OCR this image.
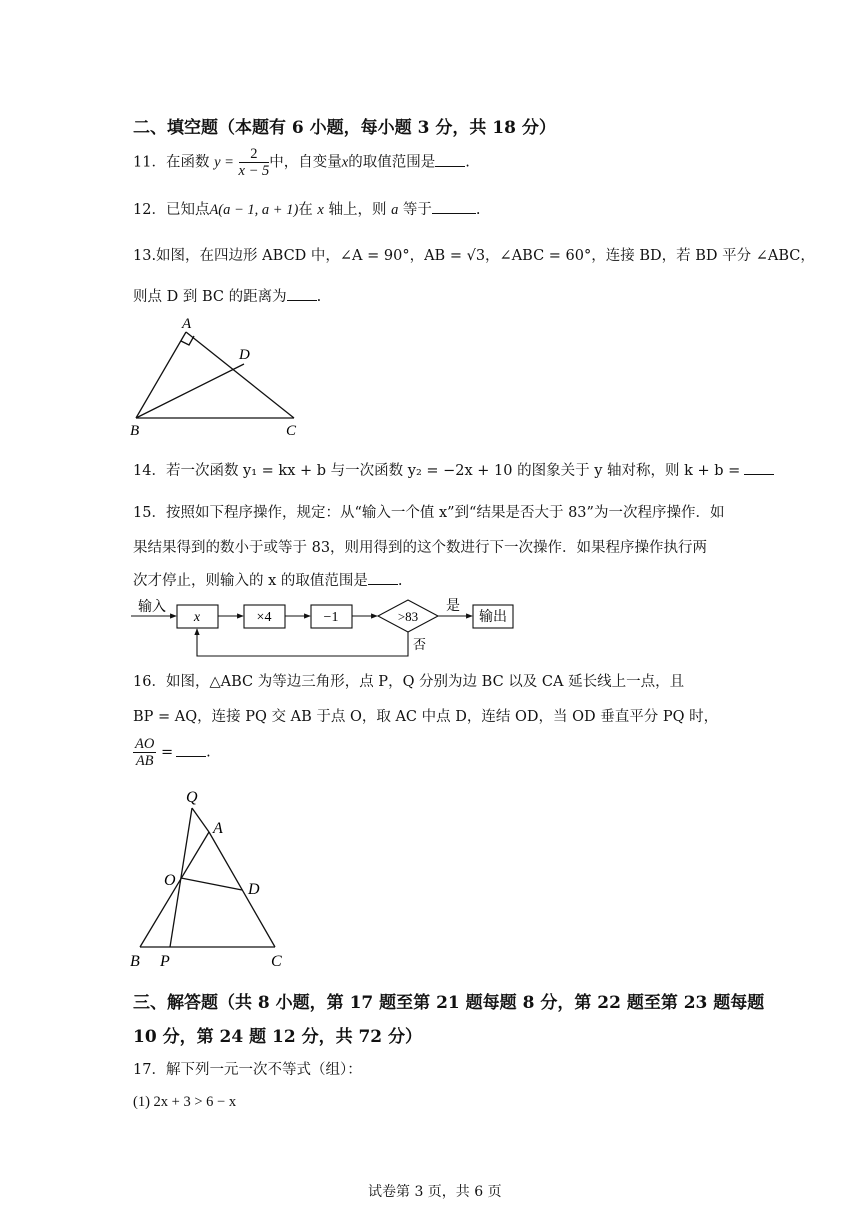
二、填空题（本题有 6 小题，每小题 3 分，共 18 分）
11．在函数 $y = \frac{2}{x - 5}$ 中，自变量x的取值范围是 .
12．已知点A(a − 1, a + 1)在 x 轴上，则 a 等于	.
13.如图，在四边形 ABCD 中，∠A = 90°，AB = √3，∠ABC = 60°，连接 BD，若 BD 平分 ∠ABC，
则点 D 到 BC 的距离为 .
A
D
B	C
14．若一次函数 y₁ = kx + b 与一次函数 y₂ = −2x + 10 的图象关于 y 轴对称，则 k + b =
15．按照如下程序操作，规定：从“输入一个值 x”到“结果是否大于 83”为一次程序操作．如
果结果得到的数小于或等于 83，则用得到的这个数进行下一次操作．如果程序操作执行两
次才停止，则输入的 x 的取值范围是 .
输入
x	×4	−1	>83
是
输出
否
16．如图，△ABC 为等边三角形，点 P，Q 分别为边 BC 以及 CA 延长线上一点，且
BP = AQ，连接 PQ 交 AB 于点 O，取 AC 中点 D，连结 OD，当 OD 垂直平分 PQ 时，
$\frac{AO}{AB}$ = .
Q
A
O
D
B P	C
三、解答题（共 8 小题，第 17 题至第 21 题每题 8 分，第 22 题至第 23 题每题
10 分，第 24 题 12 分，共 72 分）
17．解下列一元一次不等式（组）：
(1) 2x + 3 > 6 − x
试卷第 3 页，共 6 页
